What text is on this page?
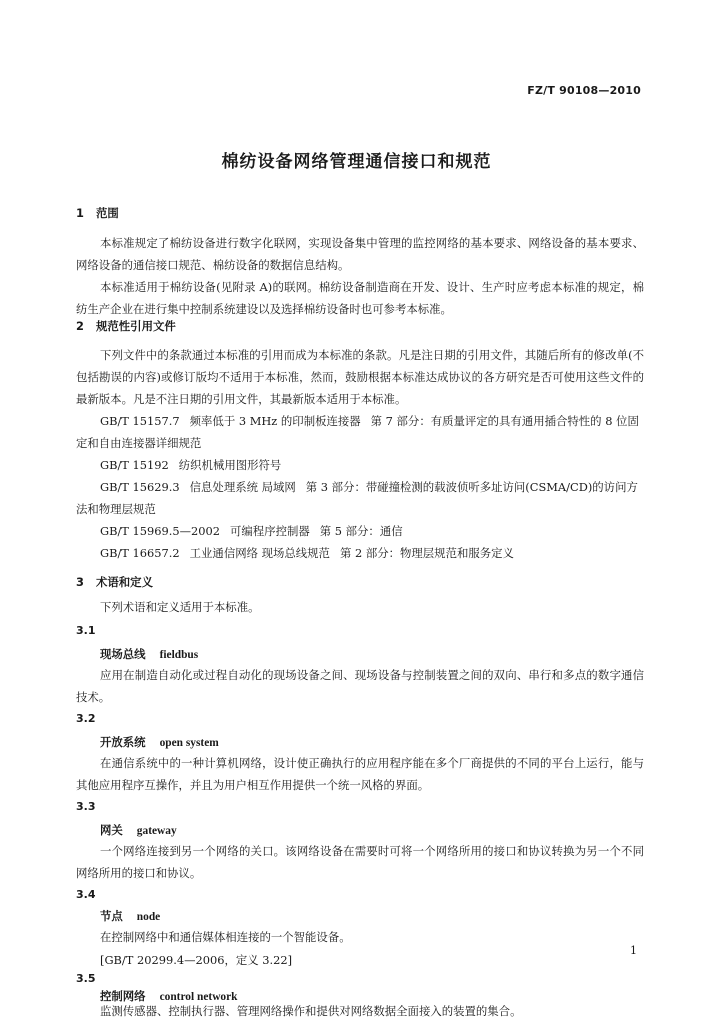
FZ/T 90108—2010
棉纺设备网络管理通信接口和规范
1 范围
本标准规定了棉纺设备进行数字化联网，实现设备集中管理的监控网络的基本要求、网络设备的基本要求、网络设备的通信接口规范、棉纺设备的数据信息结构。
本标准适用于棉纺设备(见附录 A)的联网。棉纺设备制造商在开发、设计、生产时应考虑本标准的规定，棉纺生产企业在进行集中控制系统建设以及选择棉纺设备时也可参考本标准。
2 规范性引用文件
下列文件中的条款通过本标准的引用而成为本标准的条款。凡是注日期的引用文件，其随后所有的修改单(不包括勘误的内容)或修订版均不适用于本标准，然而，鼓励根据本标准达成协议的各方研究是否可使用这些文件的最新版本。凡是不注日期的引用文件，其最新版本适用于本标准。
GB/T 15157.7 频率低于 3 MHz 的印制板连接器 第 7 部分：有质量评定的具有通用插合特性的 8 位固定和自由连接器详细规范
GB/T 15192 纺织机械用图形符号
GB/T 15629.3 信息处理系统 局域网 第 3 部分：带碰撞检测的载波侦听多址访问(CSMA/CD)的访问方法和物理层规范
GB/T 15969.5—2002 可编程序控制器 第 5 部分：通信
GB/T 16657.2 工业通信网络 现场总线规范 第 2 部分：物理层规范和服务定义
3 术语和定义
下列术语和定义适用于本标准。
3.1
现场总线 fieldbus
应用在制造自动化或过程自动化的现场设备之间、现场设备与控制装置之间的双向、串行和多点的数字通信技术。
3.2
开放系统 open system
在通信系统中的一种计算机网络，设计使正确执行的应用程序能在多个厂商提供的不同的平台上运行，能与其他应用程序互操作，并且为用户相互作用提供一个统一风格的界面。
3.3
网关 gateway
一个网络连接到另一个网络的关口。该网络设备在需要时可将一个网络所用的接口和协议转换为另一个不同网络所用的接口和协议。
3.4
节点 node
在控制网络中和通信媒体相连接的一个智能设备。
[GB/T 20299.4—2006，定义 3.22]
3.5
控制网络 control network
监测传感器、控制执行器、管理网络操作和提供对网络数据全面接入的装置的集合。
1
